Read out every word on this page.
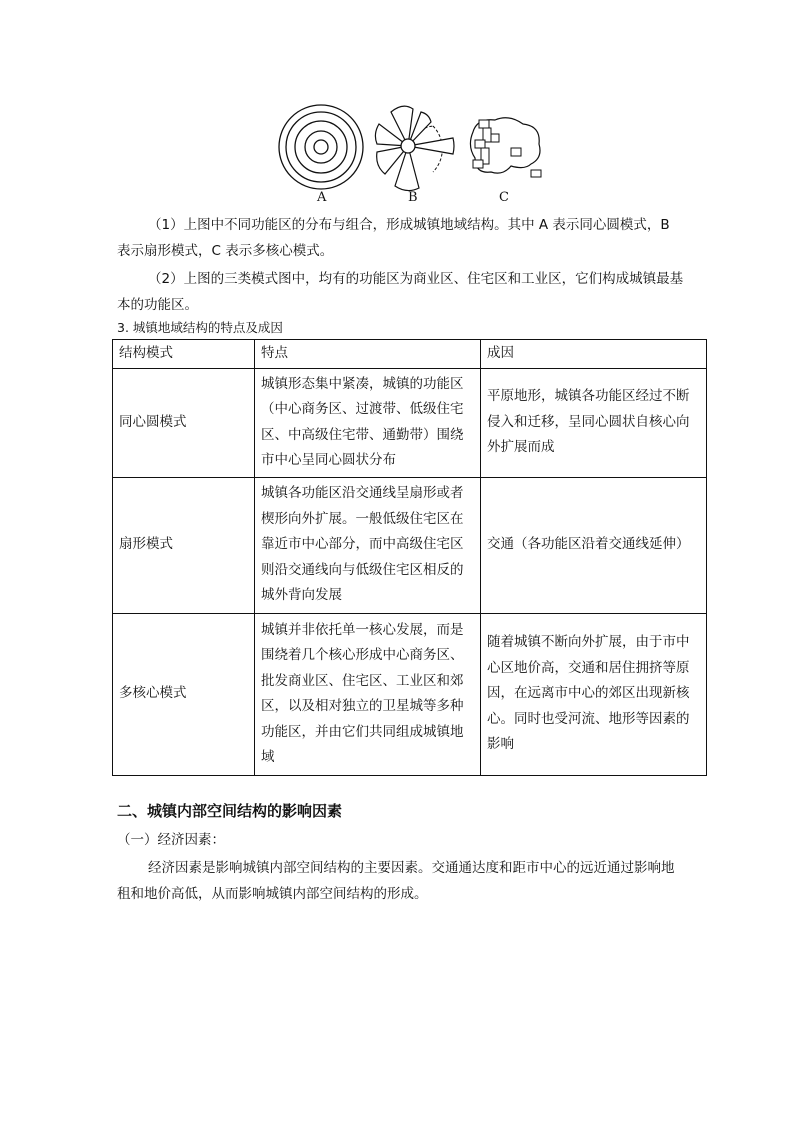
A	B	C

（1）上图中不同功能区的分布与组合，形成城镇地域结构。其中 A 表示同心圆模式，B 表示扇形模式，C 表示多核心模式。

（2）上图的三类模式图中，均有的功能区为商业区、住宅区和工业区，它们构成城镇最基本的功能区。

3. 城镇地域结构的特点及成因
结构模式	特点	成因
同心圆模式	城镇形态集中紧凑，城镇的功能区（中心商务区、过渡带、低级住宅区、中高级住宅带、通勤带）围绕市中心呈同心圆状分布	平原地形，城镇各功能区经过不断侵入和迁移，呈同心圆状自核心向外扩展而成
扇形模式	城镇各功能区沿交通线呈扇形或者楔形向外扩展。一般低级住宅区在靠近市中心部分，而中高级住宅区则沿交通线向与低级住宅区相反的城外背向发展	交通（各功能区沿着交通线延伸）
多核心模式	城镇并非依托单一核心发展，而是围绕着几个核心形成中心商务区、批发商业区、住宅区、工业区和郊区，以及相对独立的卫星城等多种功能区，并由它们共同组成城镇地域	随着城镇不断向外扩展，由于市中心区地价高，交通和居住拥挤等原因，在远离市中心的郊区出现新核心。同时也受河流、地形等因素的影响
二、城镇内部空间结构的影响因素
（一）经济因素：

经济因素是影响城镇内部空间结构的主要因素。交通通达度和距市中心的远近通过影响地租和地价高低，从而影响城镇内部空间结构的形成。
